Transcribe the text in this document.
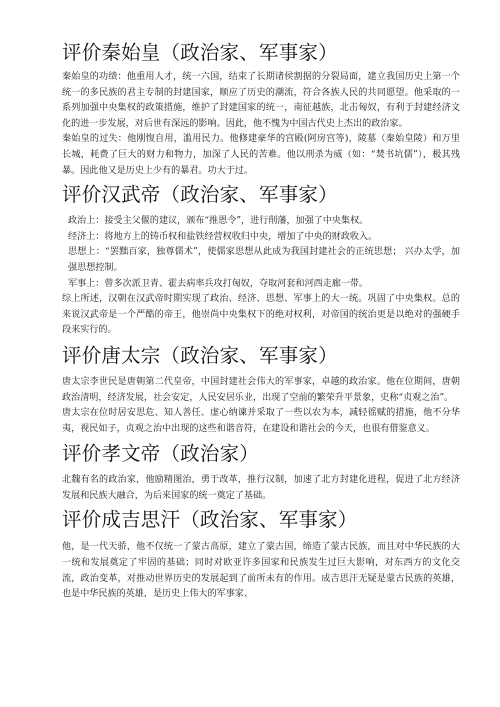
评价秦始皇（政治家、军事家）

秦始皇的功绩：他重用人才，统一六国，结束了长期诸侯割据的分裂局面，建立我国历史上第一个统一的多民族的君主专制的封建国家，顺应了历史的潮流，符合各族人民的共同愿望。他采取的一系列加强中央集权的政策措施，维护了封建国家的统一，南征越族，北击匈奴，有利于封建经济文化的进一步发展，对后世有深远的影响。因此，他不愧为中国古代史上杰出的政治家。

秦始皇的过失：他刚愎自用，滥用民力。他修建豪华的宫殿(阿房宫等)，陵墓（秦始皇陵）和万里长城，耗费了巨大的财力和物力，加深了人民的苦难。他以刑杀为威（如：“焚书坑儒”），极其残暴。因此他又是历史上少有的暴君。功大于过。

评价汉武帝（政治家、军事家）

政治上：接受主父偃的建议，颁布“推恩令”，进行削藩，加强了中央集权。

经济上：将地方上的铸币权和盐铁经营权收归中央，增加了中央的财政收入。

思想上：“罢黜百家，独尊儒术”，使儒家思想从此成为我国封建社会的正统思想； 兴办太学，加强思想控制。

军事上：曾多次派卫青、霍去病率兵攻打匈奴，夺取河套和河西走廊一带。

综上所述，汉朝在汉武帝时期实现了政治、经济、思想、军事上的大一统。巩固了中央集权。总的来说汉武帝是一个严酷的帝王，他崇尚中央集权下的绝对权利，对帝国的统治更是以绝对的强硬手段来实行的。

评价唐太宗（政治家、军事家）

唐太宗李世民是唐朝第二代皇帝，中国封建社会伟大的军事家，卓越的政治家。他在位期间，唐朝政治清明，经济发展，社会安定，人民安居乐业，出现了空前的繁荣升平景象，史称“贞观之治”。

唐太宗在位时居安思危、知人善任、虚心纳谏并采取了一些以农为本，减轻徭赋的措施，他不分华夷，视民如子，贞观之治中出现的这些和谐音符，在建设和谐社会的今天，也很有借鉴意义。

评价孝文帝（政治家）

北魏有名的政治家，他励精图治，勇于改革，推行汉制，加速了北方封建化进程，促进了北方经济发展和民族大融合，为后来国家的统一奠定了基础。

评价成吉思汗（政治家、军事家）

他，是一代天骄，他不仅统一了蒙古高原，建立了蒙古国，缔造了蒙古民族，而且对中华民族的大一统和发展奠定了牢固的基础；同时对欧亚许多国家和民族发生过巨大影响，对东西方的文化交流，政治变革，对推动世界历史的发展起到了前所未有的作用。成吉思汗无疑是蒙古民族的英雄，也是中华民族的英雄，是历史上伟大的军事家、
